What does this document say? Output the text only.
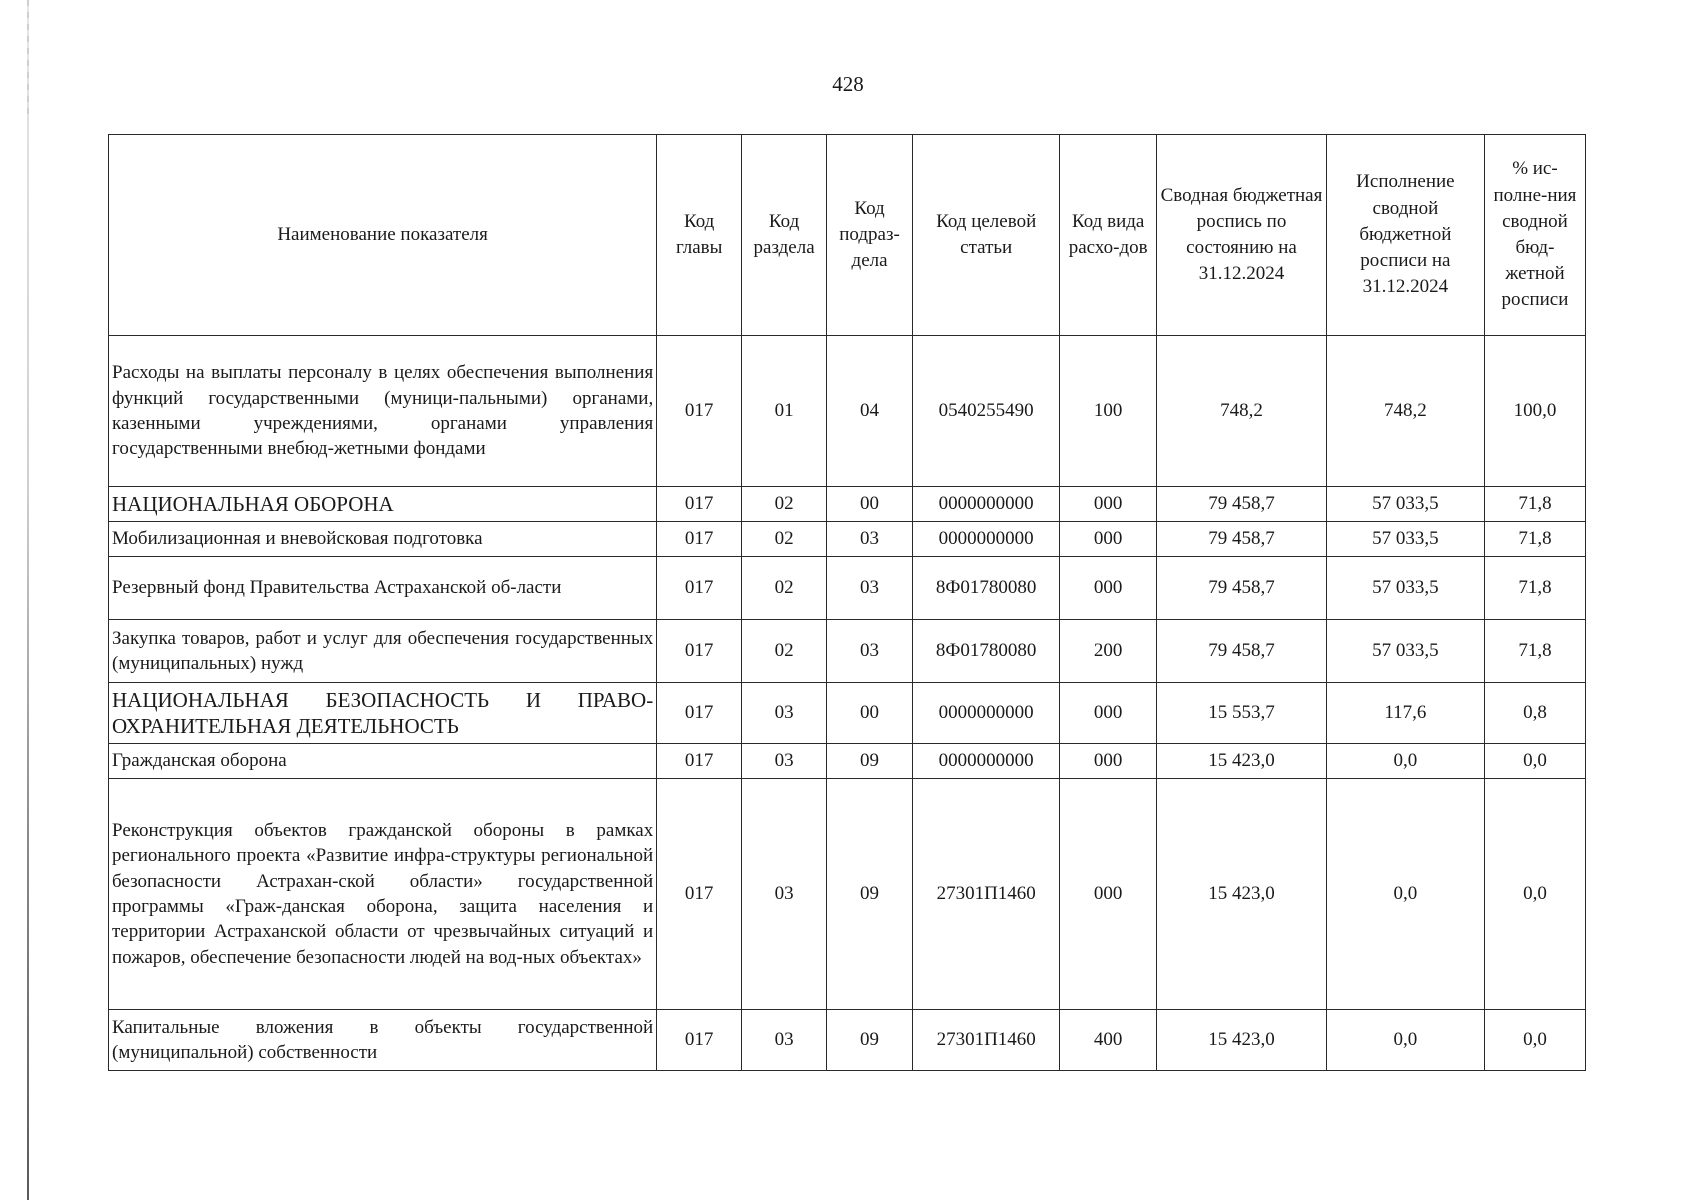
428
Наименование показателя	Код главы	Код раздела	Код подраз-дела	Код целевой статьи	Код вида расхо-дов	Сводная бюджетная роспись по состоянию на 31.12.2024	Исполнение сводной бюджетной росписи на 31.12.2024	% ис-полне-ния сводной бюд-жетной росписи
Расходы на выплаты персоналу в целях обеспечения выполнения функций государственными (муници-пальными) органами, казенными учреждениями, органами управления государственными внебюд-жетными фондами	017	01	04	0540255490	100	748,2	748,2	100,0
НАЦИОНАЛЬНАЯ ОБОРОНА	017	02	00	0000000000	000	79 458,7	57 033,5	71,8
Мобилизационная и вневойсковая подготовка	017	02	03	0000000000	000	79 458,7	57 033,5	71,8
Резервный фонд Правительства Астраханской об-ласти	017	02	03	8Ф01780080	000	79 458,7	57 033,5	71,8
Закупка товаров, работ и услуг для обеспечения государственных (муниципальных) нужд	017	02	03	8Ф01780080	200	79 458,7	57 033,5	71,8
НАЦИОНАЛЬНАЯ БЕЗОПАСНОСТЬ И ПРАВО-ОХРАНИТЕЛЬНАЯ ДЕЯТЕЛЬНОСТЬ	017	03	00	0000000000	000	15 553,7	117,6	0,8
Гражданская оборона	017	03	09	0000000000	000	15 423,0	0,0	0,0
Реконструкция объектов гражданской обороны в рамках регионального проекта «Развитие инфра-структуры региональной безопасности Астрахан-ской области» государственной программы «Граж-данская оборона, защита населения и территории Астраханской области от чрезвычайных ситуаций и пожаров, обеспечение безопасности людей на вод-ных объектах»	017	03	09	27301П1460	000	15 423,0	0,0	0,0
Капитальные вложения в объекты государственной (муниципальной) собственности	017	03	09	27301П1460	400	15 423,0	0,0	0,0
